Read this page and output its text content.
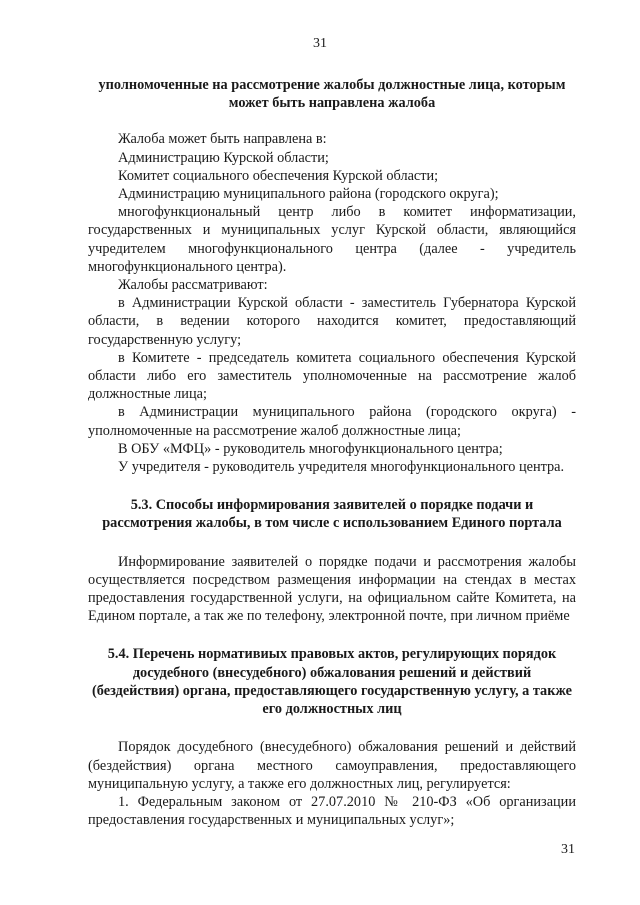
31

уполномоченные на рассмотрение жалобы должностные лица, которым может быть направлена жалоба

Жалоба может быть направлена в:

Администрацию Курской области;

Комитет социального обеспечения Курской области;

Администрацию муниципального района (городского округа);

многофункциональный центр либо в комитет информатизации, государственных и муниципальных услуг Курской области, являющийся учредителем многофункционального центра (далее - учредитель многофункционального центра).

Жалобы рассматривают:

в Администрации Курской области - заместитель Губернатора Курской области, в ведении которого находится комитет, предоставляющий государственную услугу;

в Комитете - председатель комитета социального обеспечения Курской области либо его заместитель уполномоченные на рассмотрение жалоб должностные лица;

в Администрации муниципального района (городского округа) - уполномоченные на рассмотрение жалоб должностные лица;

В ОБУ «МФЦ» - руководитель многофункционального центра;

У учредителя - руководитель учредителя многофункционального центра.

5.3. Способы информирования заявителей о порядке подачи и рассмотрения жалобы, в том числе с использованием Единого портала

Информирование заявителей о порядке подачи и рассмотрения жалобы осуществляется посредством размещения информации на стендах в местах предоставления государственной услуги, на официальном сайте Комитета, на Едином портале, а так же по телефону, электронной почте, при личном приёме

5.4. Перечень нормативиых правовых актов, регулирующих порядок досудебного (внесудебного) обжалования решений и действий (бездействия) органа, предоставляющего государственную услугу, а также его должностных лиц

Порядок досудебного (внесудебного) обжалования решений и действий (бездействия) органа местного самоуправления, предоставляющего муниципальную услугу, а также его должностных лиц, регулируется:

1. Федеральным законом от 27.07.2010 № 210-ФЗ «Об организации предоставления государственных и муниципальных услуг»;

31
